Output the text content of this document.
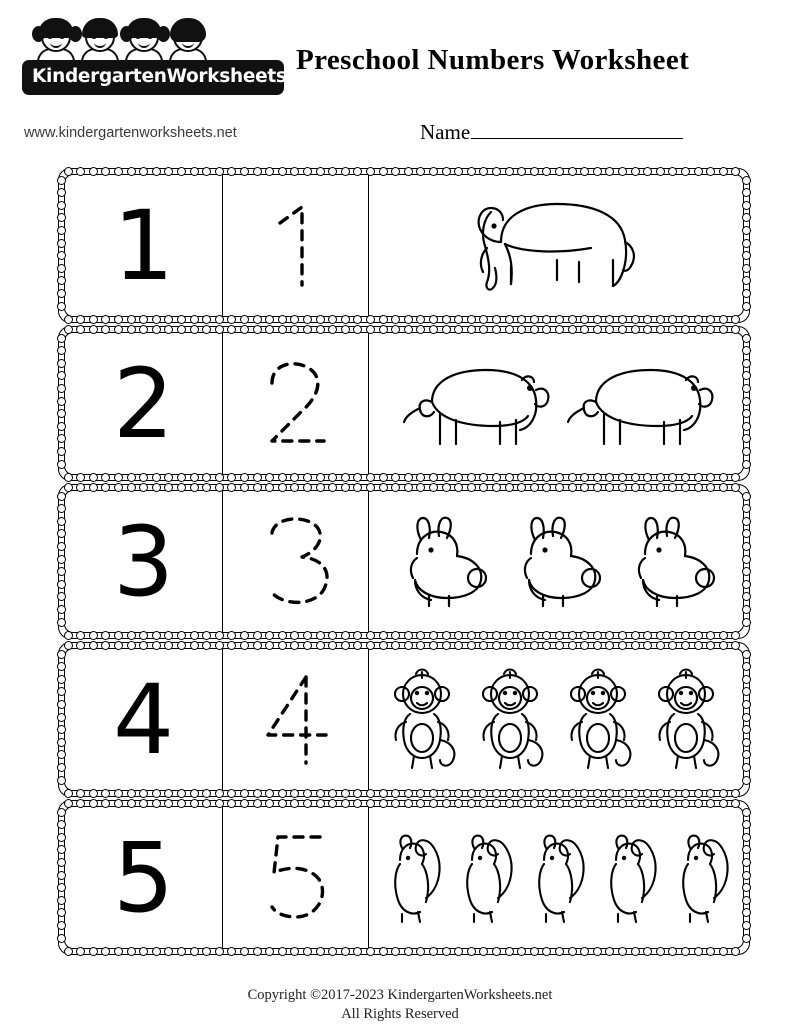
KindergartenWorksheets.net
www.kindergartenworksheets.net
Preschool Numbers Worksheet
Name
1
2
3
4
5
Copyright ©2017-2023 KindergartenWorksheets.net
All Rights Reserved
